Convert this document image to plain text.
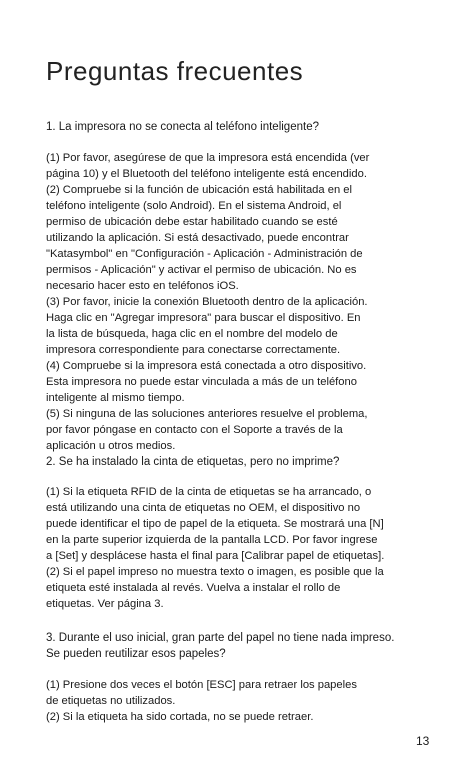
Preguntas frecuentes
1. La impresora no se conecta al teléfono inteligente?
(1) Por favor, asegúrese de que la impresora está encendida (ver
página 10) y el Bluetooth del teléfono inteligente está encendido.
(2) Compruebe si la función de ubicación está habilitada en el
teléfono inteligente (solo Android). En el sistema Android, el
permiso de ubicación debe estar habilitado cuando se esté
utilizando la aplicación. Si está desactivado, puede encontrar
"Katasymbol" en "Configuración - Aplicación - Administración de
permisos - Aplicación" y activar el permiso de ubicación. No es
necesario hacer esto en teléfonos iOS.
(3) Por favor, inicie la conexión Bluetooth dentro de la aplicación.
Haga clic en "Agregar impresora" para buscar el dispositivo. En
la lista de búsqueda, haga clic en el nombre del modelo de
impresora correspondiente para conectarse correctamente.
(4) Compruebe si la impresora está conectada a otro dispositivo.
Esta impresora no puede estar vinculada a más de un teléfono
inteligente al mismo tiempo.
(5) Si ninguna de las soluciones anteriores resuelve el problema,
por favor póngase en contacto con el Soporte a través de la
aplicación u otros medios.
2. Se ha instalado la cinta de etiquetas, pero no imprime?
(1) Si la etiqueta RFID de la cinta de etiquetas se ha arrancado, o
está utilizando una cinta de etiquetas no OEM, el dispositivo no
puede identificar el tipo de papel de la etiqueta. Se mostrará una [N]
en la parte superior izquierda de la pantalla LCD. Por favor ingrese
a [Set] y desplácese hasta el final para [Calibrar papel de etiquetas].
(2) Si el papel impreso no muestra texto o imagen, es posible que la
etiqueta esté instalada al revés. Vuelva a instalar el rollo de
etiquetas. Ver página 3.
3. Durante el uso inicial, gran parte del papel no tiene nada impreso.
Se pueden reutilizar esos papeles?
(1) Presione dos veces el botón [ESC] para retraer los papeles
de etiquetas no utilizados.
(2) Si la etiqueta ha sido cortada, no se puede retraer.
13
